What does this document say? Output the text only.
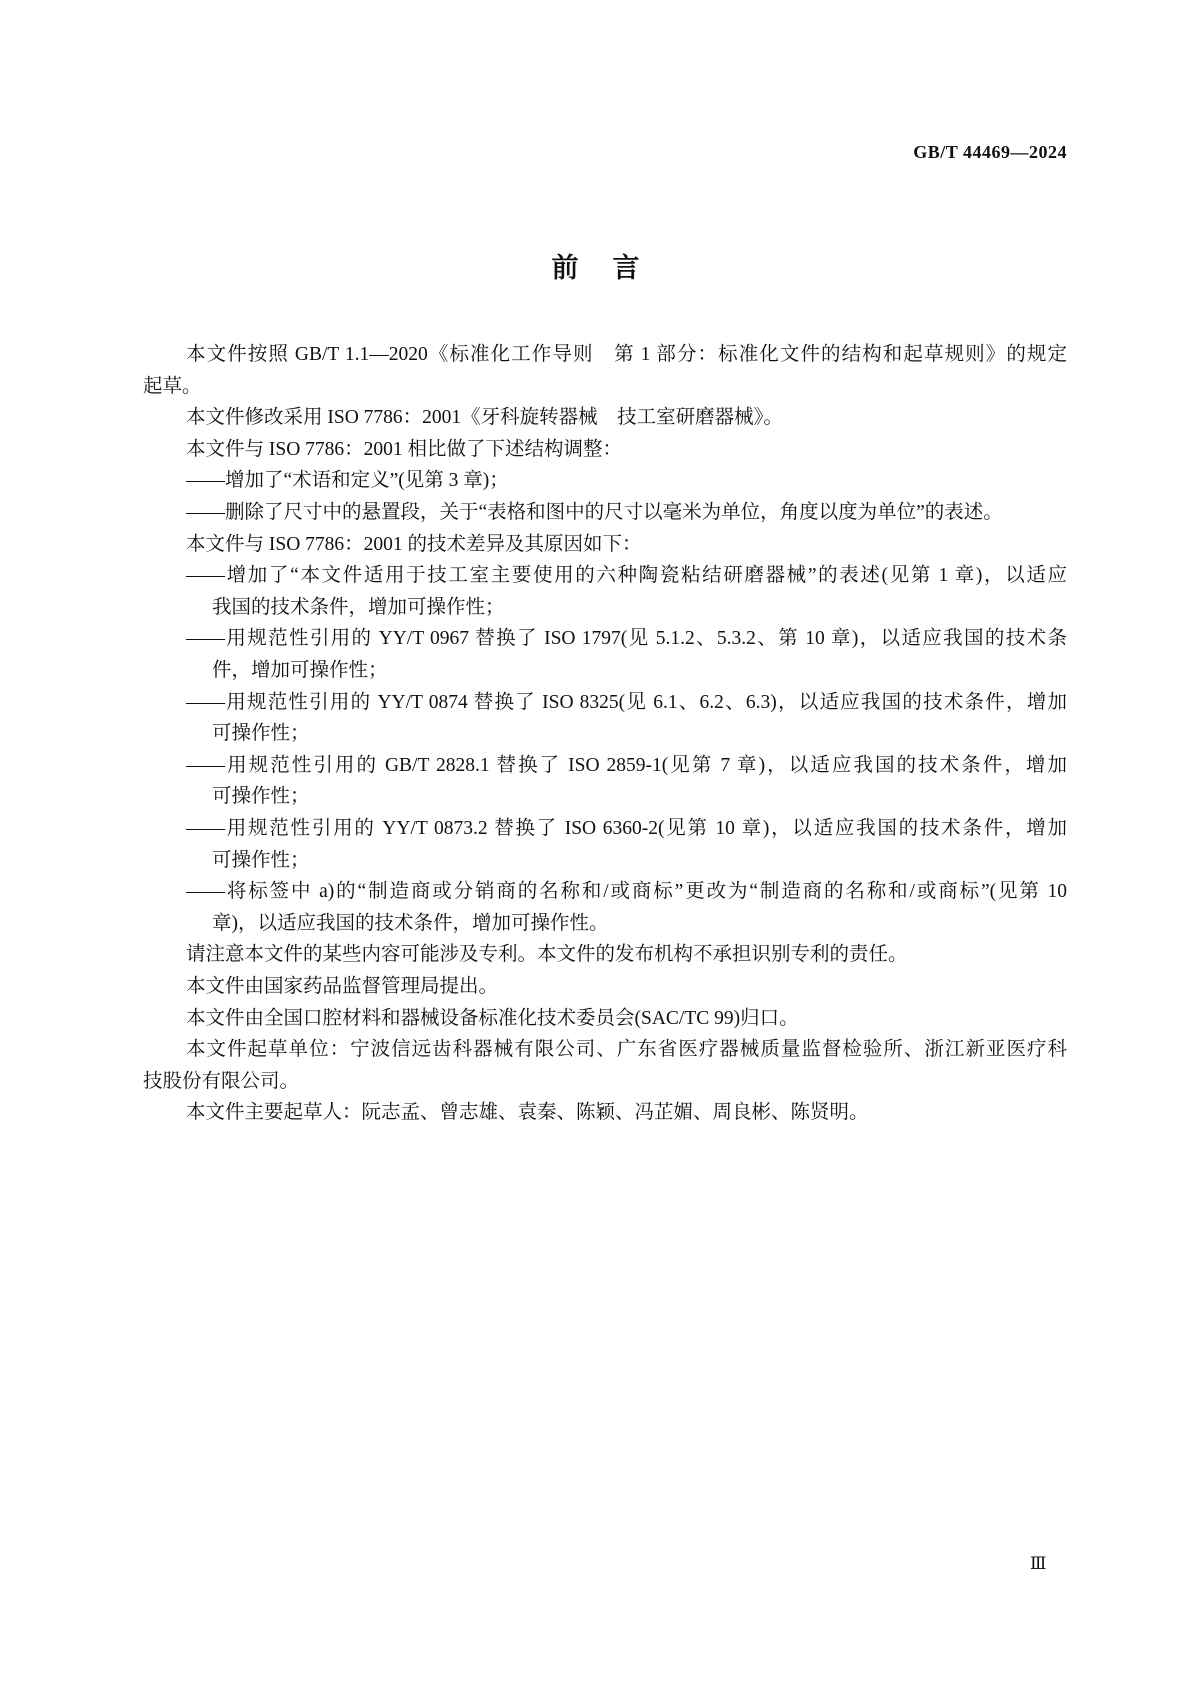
GB/T 44469—2024
前言
本文件按照 GB/T 1.1—2020《标准化工作导则　第 1 部分：标准化文件的结构和起草规则》的规定
起草。
本文件修改采用 ISO 7786：2001《牙科旋转器械　技工室研磨器械》。
本文件与 ISO 7786：2001 相比做了下述结构调整：
——增加了“术语和定义”(见第 3 章)；
——删除了尺寸中的悬置段，关于“表格和图中的尺寸以毫米为单位，角度以度为单位”的表述。
本文件与 ISO 7786：2001 的技术差异及其原因如下：
——增加了“本文件适用于技工室主要使用的六种陶瓷粘结研磨器械”的表述(见第 1 章)，以适应
我国的技术条件，增加可操作性；
——用规范性引用的 YY/T 0967 替换了 ISO 1797(见 5.1.2、5.3.2、第 10 章)，以适应我国的技术条
件，增加可操作性；
——用规范性引用的 YY/T 0874 替换了 ISO 8325(见 6.1、6.2、6.3)，以适应我国的技术条件，增加
可操作性；
——用规范性引用的 GB/T 2828.1 替换了 ISO 2859-1(见第 7 章)，以适应我国的技术条件，增加
可操作性；
——用规范性引用的 YY/T 0873.2 替换了 ISO 6360-2(见第 10 章)，以适应我国的技术条件，增加
可操作性；
——将标签中 a)的“制造商或分销商的名称和/或商标”更改为“制造商的名称和/或商标”(见第 10
章)，以适应我国的技术条件，增加可操作性。
请注意本文件的某些内容可能涉及专利。本文件的发布机构不承担识别专利的责任。
本文件由国家药品监督管理局提出。
本文件由全国口腔材料和器械设备标准化技术委员会(SAC/TC 99)归口。
本文件起草单位：宁波信远齿科器械有限公司、广东省医疗器械质量监督检验所、浙江新亚医疗科
技股份有限公司。
本文件主要起草人：阮志孟、曾志雄、袁秦、陈颖、冯芷媚、周良彬、陈贤明。
Ⅲ
